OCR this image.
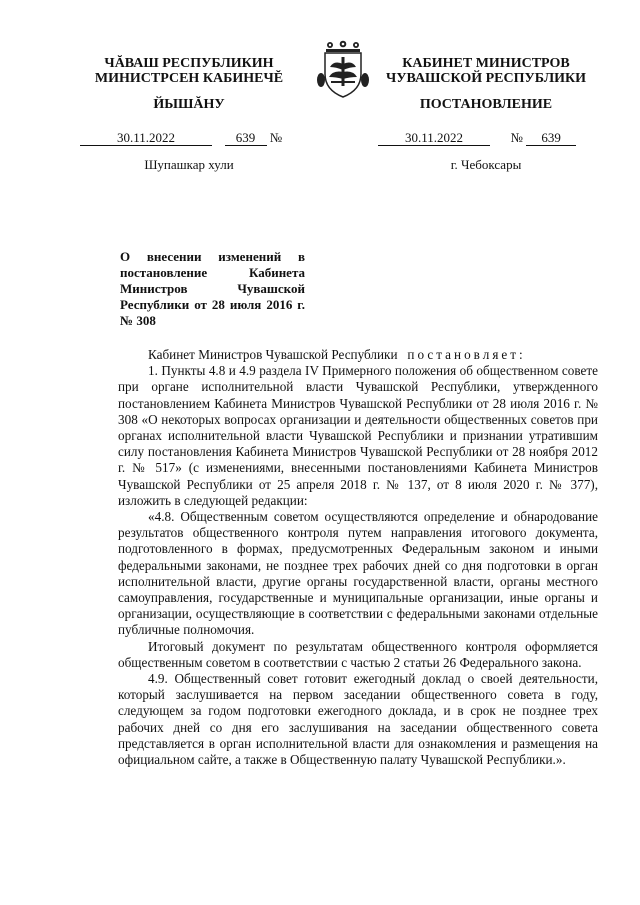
ЧĂВАШ РЕСПУБЛИКИН
МИНИСТРСЕН КАБИНЕЧĔ
ЙЫШĂНУ
КАБИНЕТ МИНИСТРОВ
ЧУВАШСКОЙ РЕСПУБЛИКИ
ПОСТАНОВЛЕНИЕ
30.11.2022	639 №	30.11.2022	№ 639
Шупашкар хули	г. Чебоксары
О внесении изменений в постановление Кабинета Министров Чувашской Республики от 28 июля 2016 г. № 308

Кабинет Министров Чувашской Республики постановляет:

1. Пункты 4.8 и 4.9 раздела IV Примерного положения об общественном совете при органе исполнительной власти Чувашской Республики, утвержденного постановлением Кабинета Министров Чувашской Республики от 28 июля 2016 г. № 308 «О некоторых вопросах организации и деятельности общественных советов при органах исполнительной власти Чувашской Республики и признании утратившим силу постановления Кабинета Министров Чувашской Республики от 28 ноября 2012 г. № 517» (с изменениями, внесенными постановлениями Кабинета Министров Чувашской Республики от 25 апреля 2018 г. № 137, от 8 июля 2020 г. № 377), изложить в следующей редакции:

«4.8. Общественным советом осуществляются определение и обнародование результатов общественного контроля путем направления итогового документа, подготовленного в формах, предусмотренных Федеральным законом и иными федеральными законами, не позднее трех рабочих дней со дня подготовки в орган исполнительной власти, другие органы государственной власти, органы местного самоуправления, государственные и муниципальные организации, иные органы и организации, осуществляющие в соответствии с федеральными законами отдельные публичные полномочия.

Итоговый документ по результатам общественного контроля оформляется общественным советом в соответствии с частью 2 статьи 26 Федерального закона.

4.9. Общественный совет готовит ежегодный доклад о своей деятельности, который заслушивается на первом заседании общественного совета в году, следующем за годом подготовки ежегодного доклада, и в срок не позднее трех рабочих дней со дня его заслушивания на заседании общественного совета представляется в орган исполнительной власти для ознакомления и размещения на официальном сайте, а также в Общественную палату Чувашской Республики.».
